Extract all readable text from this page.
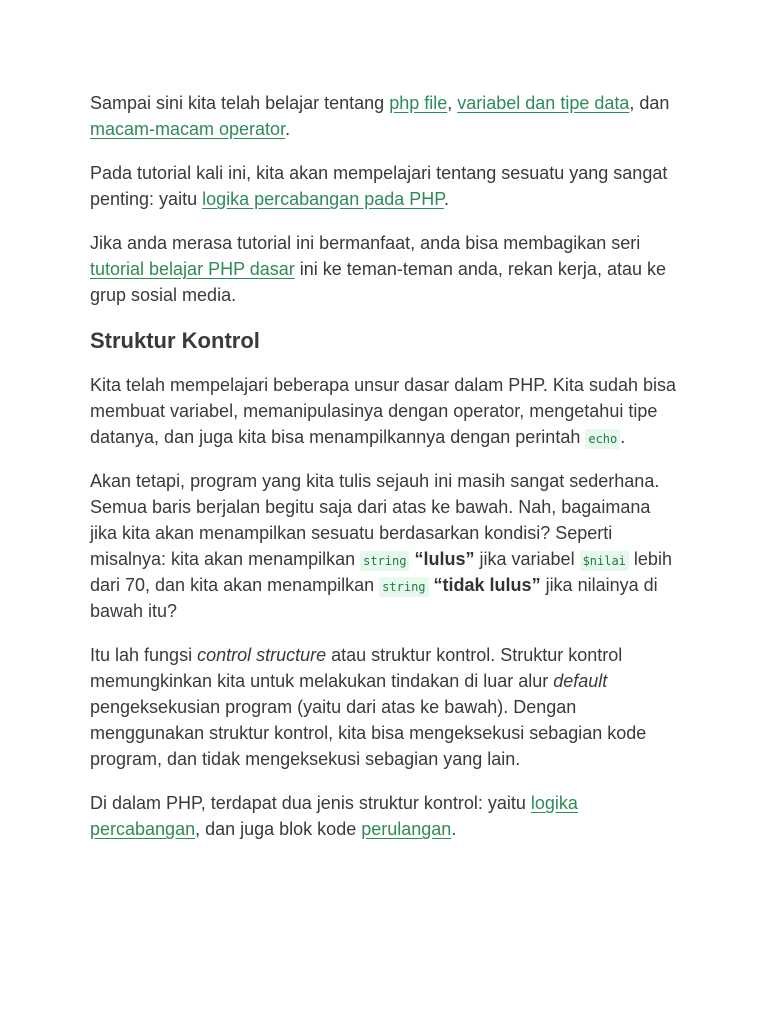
Sampai sini kita telah belajar tentang php file, variabel dan tipe data, dan macam-macam operator.

Pada tutorial kali ini, kita akan mempelajari tentang sesuatu yang sangat penting: yaitu logika percabangan pada PHP.

Jika anda merasa tutorial ini bermanfaat, anda bisa membagikan seri tutorial belajar PHP dasar ini ke teman-teman anda, rekan kerja, atau ke grup sosial media.

Struktur Kontrol

Kita telah mempelajari beberapa unsur dasar dalam PHP. Kita sudah bisa membuat variabel, memanipulasinya dengan operator, mengetahui tipe datanya, dan juga kita bisa menampilkannya dengan perintah echo .

Akan tetapi, program yang kita tulis sejauh ini masih sangat sederhana. Semua baris berjalan begitu saja dari atas ke bawah. Nah, bagaimana jika kita akan menampilkan sesuatu berdasarkan kondisi? Seperti misalnya: kita akan menampilkan string “lulus” jika variabel $nilai lebih dari 70, dan kita akan menampilkan string “tidak lulus” jika nilainya di bawah itu?

Itu lah fungsi control structure atau struktur kontrol. Struktur kontrol memungkinkan kita untuk melakukan tindakan di luar alur default pengeksekusian program (yaitu dari atas ke bawah). Dengan menggunakan struktur kontrol, kita bisa mengeksekusi sebagian kode program, dan tidak mengeksekusi sebagian yang lain.

Di dalam PHP, terdapat dua jenis struktur kontrol: yaitu logika percabangan, dan juga blok kode perulangan.
